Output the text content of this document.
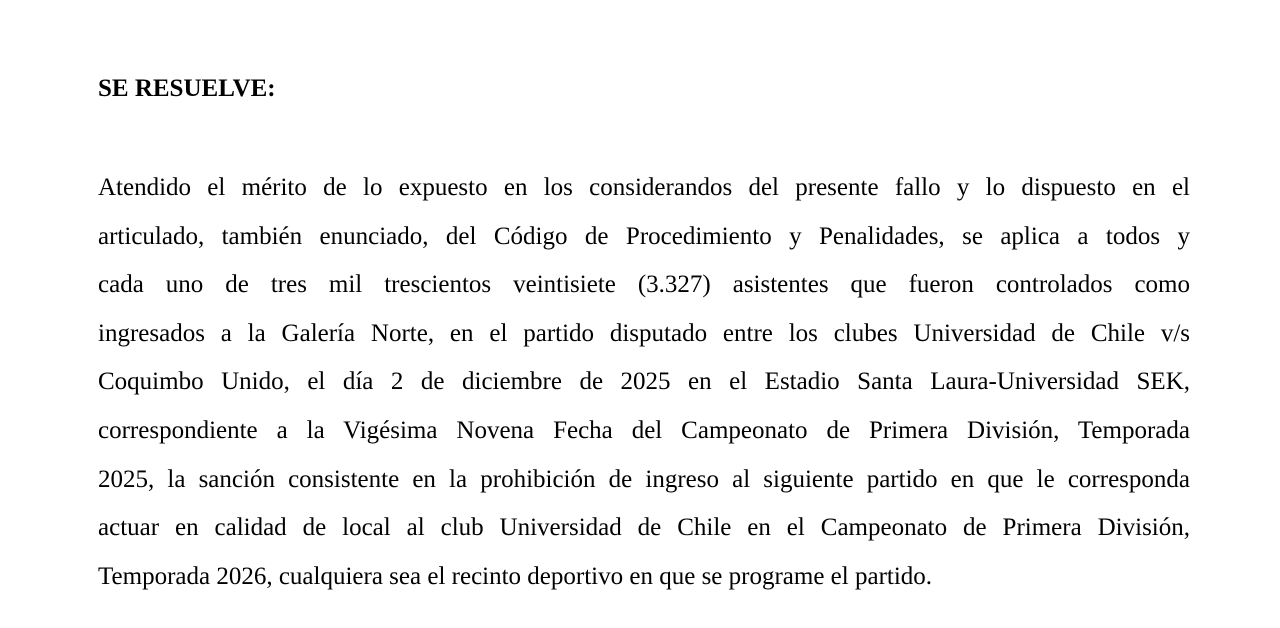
SE RESUELVE:

Atendido el mérito de lo expuesto en los considerandos del presente fallo y lo dispuesto en el
articulado, también enunciado, del Código de Procedimiento y Penalidades, se aplica a todos y
cada uno de tres mil trescientos veintisiete (3.327) asistentes que fueron controlados como
ingresados a la Galería Norte, en el partido disputado entre los clubes Universidad de Chile v/s
Coquimbo Unido, el día 2 de diciembre de 2025 en el Estadio Santa Laura-Universidad SEK,
correspondiente a la Vigésima Novena Fecha del Campeonato de Primera División, Temporada
2025, la sanción consistente en la prohibición de ingreso al siguiente partido en que le corresponda
actuar en calidad de local al club Universidad de Chile en el Campeonato de Primera División,
Temporada 2026, cualquiera sea el recinto deportivo en que se programe el partido.
